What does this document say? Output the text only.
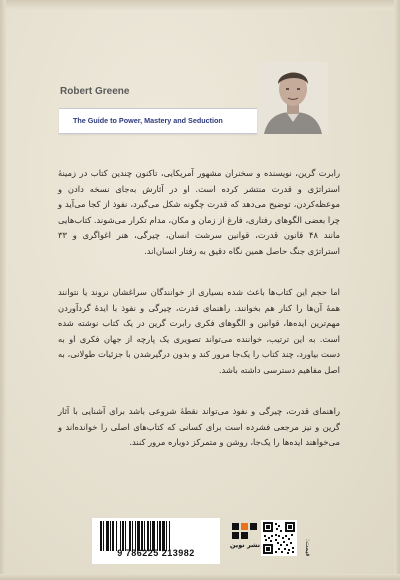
Robert Greene
The Guide to Power, Mastery and Seduction
رابرت گرین، نویسنده و سخنران مشهور آمریکایی، تاکنون چندین کتاب در زمینهٔ استراتژی و قدرت منتشر کرده است. او در آثارش به‌جای نسخه دادن و موعظه‌کردن، توضیح می‌دهد که قدرت چگونه شکل می‌گیرد، نفوذ از کجا می‌آید و چرا بعضی الگوهای رفتاری، فارغ از زمان و مکان، مدام تکرار می‌شوند. کتاب‌هایی مانند ۴۸ قانون قدرت، قوانین سرشت انسان، چیرگی، هنر اغواگری و ۳۳ استراتژی جنگ حاصل همین نگاه دقیق به رفتار انسان‌اند.
اما حجم این کتاب‌ها باعث شده بسیاری از خوانندگان سراغشان نروند یا نتوانند همهٔ آن‌ها را کنار هم بخوانند. راهنمای قدرت، چیرگی و نفوذ با ایدهٔ گردآوردن مهم‌ترین ایده‌ها، قوانین و الگوهای فکری رابرت گرین در یک کتاب نوشته شده است. به این ترتیب، خواننده می‌تواند تصویری یک پارچه از جهان فکری او به دست بیاورد، چند کتاب را یک‌جا مرور کند و بدون درگیرشدن با جزئیات طولانی، به اصل مفاهیم دسترسی داشته باشد.
راهنمای قدرت، چیرگی و نفوذ می‌تواند نقطهٔ شروعی باشد برای آشنایی با آثار گرین و نیز مرجعی فشرده است برای کسانی که کتاب‌های اصلی را خوانده‌اند و می‌خواهند ایده‌ها را یک‌جا، روشن و متمرکز دوباره مرور کنند.
9 786225 213982
نشر نوین	قیمت:
